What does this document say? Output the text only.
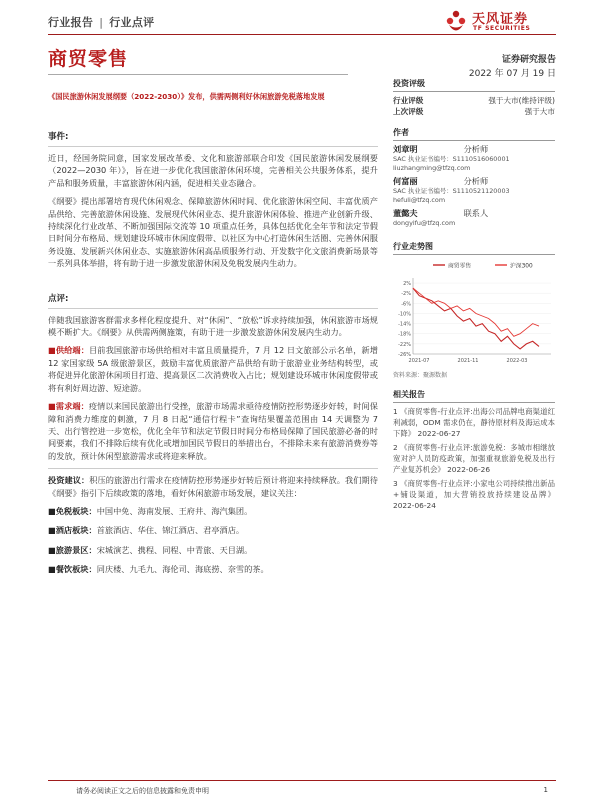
行业报告 | 行业点评	天风证券
TF SECURITIES
商贸零售	证券研究报告
2022 年 07 月 19 日
《国民旅游休闲发展纲要（2022-2030）》发布，供需两侧利好休闲旅游免税落地发展
事件:

近日，经国务院同意，国家发展改革委、文化和旅游部联合印发《国民旅游休闲发展纲要（2022—2030 年）》，旨在进一步优化我国旅游休闲环境，完善相关公共服务体系，提升产品和服务质量，丰富旅游休闲内涵，促进相关业态融合。

《纲要》提出部署培育现代休闲观念、保障旅游休闲时间、优化旅游休闲空间、丰富优质产品供给、完善旅游休闲设施、发展现代休闲业态、提升旅游休闲体验、推进产业创新升级、持续深化行业改革、不断加强国际交流等 10 项重点任务，具体包括优化全年节和法定节假日时间分布格局、规划建设环城市休闲度假带、以社区为中心打造休闲生活圈、完善休闲服务设施、发展新兴休闲业态、实施旅游休闲高品质服务行动、开发数字化文旅消费新场景等一系列具体举措，将有助于进一步激发旅游休闲及免税发展内生动力。

点评:

伴随我国旅游客群需求多样化程度提升、对“休闲”、“放松”诉求持续加强，休闲旅游市场规模不断扩大。《纲要》从供需两侧施策，有助于进一步激发旅游休闲发展内生动力。

■供给端：目前我国旅游市场供给相对丰富且质量提升，7 月 12 日文旅部公示名单，新增 12 家国家级 5A 级旅游景区，鼓励丰富优质旅游产品供给有助于旅游业业务结构转型，或将促进异化旅游休闲项目打造、提高景区二次消费收入占比；规划建设环城市休闲度假带或将有利好周边游、短途游。

■需求端：疫情以来国民旅游出行受挫，旅游市场需求亟待疫情防控形势逐步好转，时间保障和消费力维度的刺激，7 月 8 日起“通信行程卡”查询结果覆盖范围由 14 天调整为 7 天、出行管控进一步宽松，优化全年节和法定节假日时间分布格局保障了国民旅游必备的时间要素，我们不排除后续有优化或增加国民节假日的举措出台，不排除未来有旅游消费券等的发放，预计休闲型旅游需求或将迎来释放。

投资建议：积压的旅游出行需求在疫情防控形势逐步好转后预计将迎来持续释放。我们期待《纲要》指引下后续政策的落地，看好休闲旅游市场发展，建议关注：

■免税板块：中国中免、海南发展、王府井、海汽集团。
■酒店板块：首旅酒店、华住、锦江酒店、君亭酒店。
■旅游景区：宋城演艺、携程、同程、中青旅、天目湖。
■餐饮板块：同庆楼、九毛九、海伦司、海底捞、奈雪的茶。
投资评级
行业评级	强于大市(维持评级)
上次评级	强于大市
作者
刘章明	分析师
SAC 执业证书编号：S1110516060001
liuzhangming@tfzq.com
何富丽	分析师
SAC 执业证书编号：S1110521120003
hefuli@tfzq.com
董懿夫	联系人
dongyifu@tfzq.com
行业走势图
商贸零售	沪深300
2%
-2%
-6%
-10%
-14%
-18%
-22%
-26%
2021-07	2021-11	2022-03
资料来源：聚源数据
相关报告
1 《商贸零售-行业点评:出海公司品牌电商渠道红利减弱，ODM 需求仍在，静待原材料及海运成本下降》 2022-06-27
2 《商贸零售-行业点评:旅游免税：多城市相继放宽对沪人员防疫政策，加强重视旅游免税及出行产业复苏机会》 2022-06-26
3 《商贸零售-行业点评:小家电公司持续推出新品+铺设渠道，加大营销投放持续建设品牌》 2022-06-24
请务必阅读正文之后的信息披露和免责申明	1
